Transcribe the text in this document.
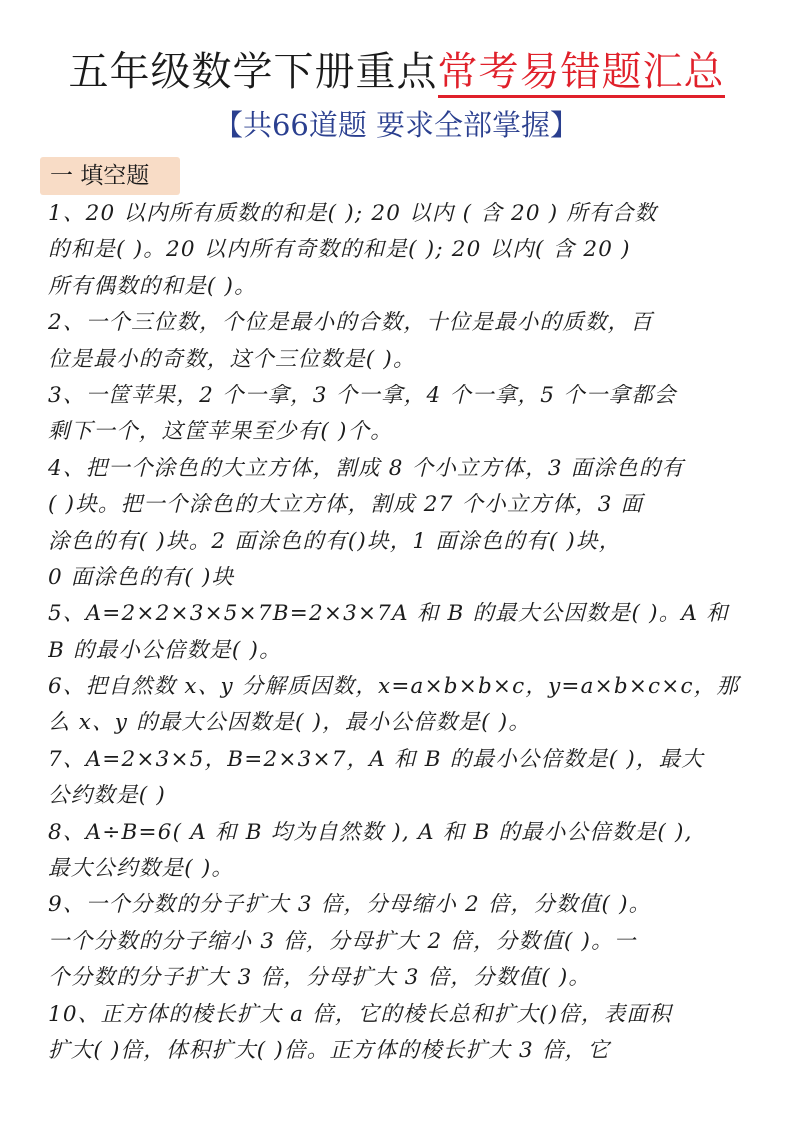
五年级数学下册重点常考易错题汇总
【共66道题 要求全部掌握】
一 填空题
1、20 以内所有质数的和是( ); 20 以内 ( 含 20 ) 所有合数
的和是( )。20 以内所有奇数的和是( ); 20 以内( 含 20 )
所有偶数的和是( )。
2、一个三位数，个位是最小的合数，十位是最小的质数，百
位是最小的奇数，这个三位数是( )。
3、一筐苹果，2 个一拿，3 个一拿，4 个一拿，5 个一拿都会
剩下一个，这筐苹果至少有( )个。
4、把一个涂色的大立方体，割成 8 个小立方体，3 面涂色的有
( )块。把一个涂色的大立方体，割成 27 个小立方体，3 面
涂色的有( )块。2 面涂色的有()块，1 面涂色的有( )块，
0 面涂色的有( )块
5、A=2×2×3×5×7B=2×3×7A 和 B 的最大公因数是( )。A 和
B 的最小公倍数是( )。
6、把自然数 x、y 分解质因数，x=a×b×b×c，y=a×b×c×c，那
么 x、y 的最大公因数是( )，最小公倍数是( )。
7、A=2×3×5，B=2×3×7，A 和 B 的最小公倍数是( )，最大
公约数是( )
8、A÷B=6( A 和 B 均为自然数 ), A 和 B 的最小公倍数是( ),
最大公约数是( )。
9、一个分数的分子扩大 3 倍，分母缩小 2 倍，分数值( )。
一个分数的分子缩小 3 倍，分母扩大 2 倍，分数值( )。一
个分数的分子扩大 3 倍，分母扩大 3 倍，分数值( )。
10、正方体的棱长扩大 a 倍，它的棱长总和扩大()倍，表面积
扩大( )倍，体积扩大( )倍。正方体的棱长扩大 3 倍，它
